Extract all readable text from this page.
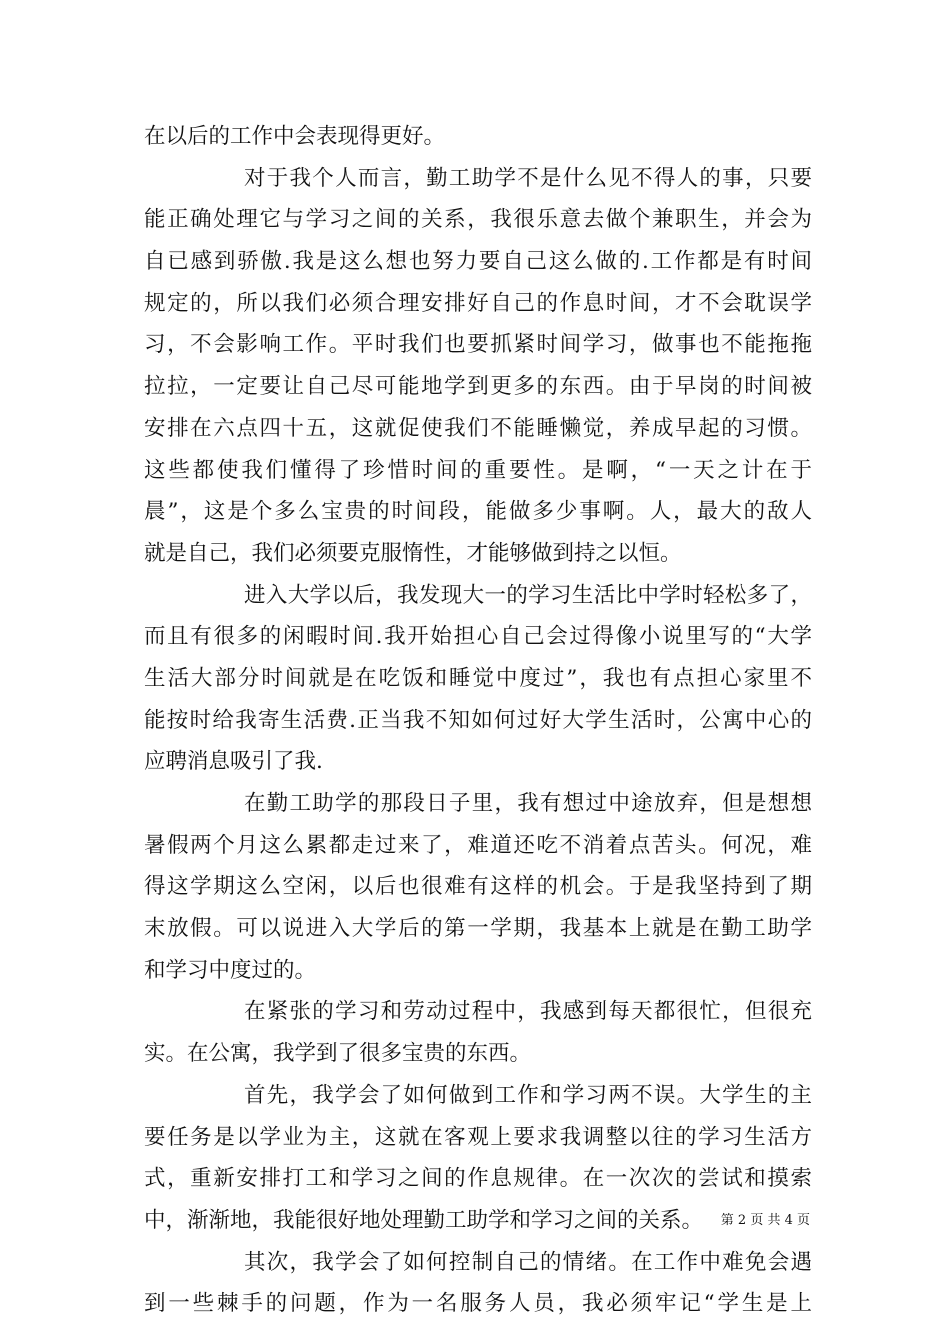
在以后的工作中会表现得更好。
对于我个人而言，勤工助学不是什么见不得人的事，只要
能正确处理它与学习之间的关系，我很乐意去做个兼职生，并会为
自已感到骄傲.我是这么想也努力要自己这么做的.工作都是有时间
规定的，所以我们必须合理安排好自己的作息时间，才不会耽误学
习，不会影响工作。平时我们也要抓紧时间学习，做事也不能拖拖
拉拉，一定要让自己尽可能地学到更多的东西。由于早岗的时间被
安排在六点四十五，这就促使我们不能睡懒觉，养成早起的习惯。
这些都使我们懂得了珍惜时间的重要性。是啊，“一天之计在于
晨”，这是个多么宝贵的时间段，能做多少事啊。人，最大的敌人
就是自己，我们必须要克服惰性，才能够做到持之以恒。
进入大学以后，我发现大一的学习生活比中学时轻松多了，
而且有很多的闲暇时间.我开始担心自己会过得像小说里写的“大学
生活大部分时间就是在吃饭和睡觉中度过”，我也有点担心家里不
能按时给我寄生活费.正当我不知如何过好大学生活时，公寓中心的
应聘消息吸引了我.
在勤工助学的那段日子里，我有想过中途放弃，但是想想
暑假两个月这么累都走过来了，难道还吃不消着点苦头。何况，难
得这学期这么空闲，以后也很难有这样的机会。于是我坚持到了期
末放假。可以说进入大学后的第一学期，我基本上就是在勤工助学
和学习中度过的。
在紧张的学习和劳动过程中，我感到每天都很忙，但很充
实。在公寓，我学到了很多宝贵的东西。
首先，我学会了如何做到工作和学习两不误。大学生的主
要任务是以学业为主，这就在客观上要求我调整以往的学习生活方
式，重新安排打工和学习之间的作息规律。在一次次的尝试和摸索
中，渐渐地，我能很好地处理勤工助学和学习之间的关系。
其次，我学会了如何控制自己的情绪。在工作中难免会遇
到一些棘手的问题，作为一名服务人员，我必须牢记“学生是上
第 2 页 共 4 页
